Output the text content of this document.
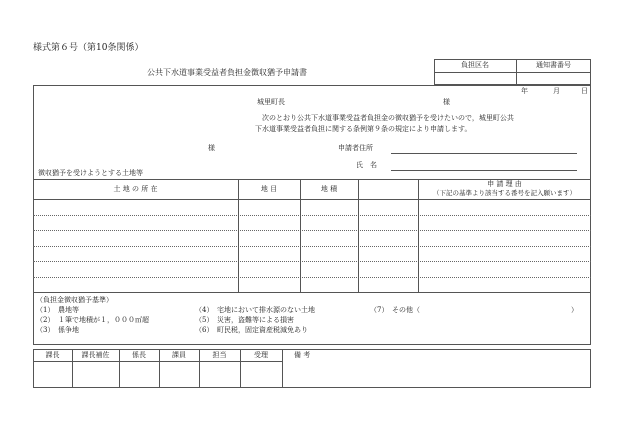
様式第６号（第10条関係）
公共下水道事業受益者負担金徴収猶予申請書
負担区名	通知書番号
年	月	日
城里町長	様
次のとおり公共下水道事業受益者負担金の徴収猶予を受けたいので，城里町公共
下水道事業受益者負担に関する条例第９条の規定により申請します。
様	申請者住所
氏　名
徴収猶予を受けようとする土地等
土 地 の 所 在	地 目	地 積
申 請 理 由
（下記の基準より該当する番号を記入願います）
（負担金徴収猶予基準）
（1）　農地等
（2）　１筆で地積が１，０００㎡超
（3）　係争地
（4）　宅地において排水源のない土地
（5）　災害，盗難等による損害
（6）　町民税，固定資産税減免あり
（7）　その他（	）
課長	課長補佐	係長	課員	担当	受理	備 考
